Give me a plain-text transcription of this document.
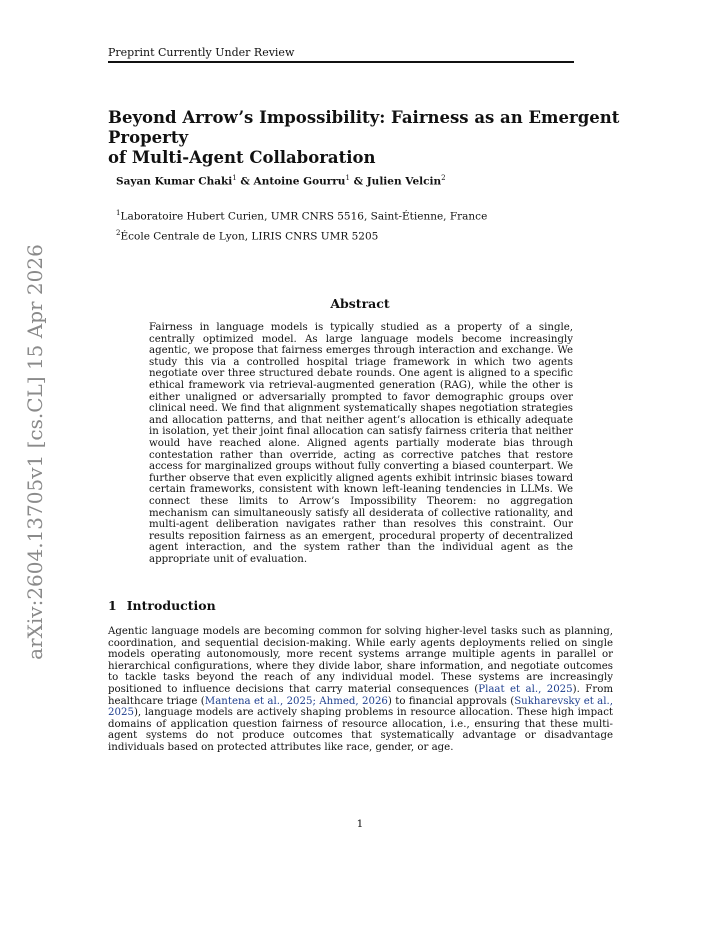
Preprint Currently Under Review
Beyond Arrow’s Impossibility: Fairness as an Emergent Property
of Multi-Agent Collaboration
Sayan Kumar Chaki$^1$ & Antoine Gourru$^1$ & Julien Velcin$^2$
$^1$Laboratoire Hubert Curien, UMR CNRS 5516, Saint-Étienne, France
$^2$École Centrale de Lyon, LIRIS CNRS UMR 5205
arXiv:2604.13705v1 [cs.CL] 15 Apr 2026	Abstract
Fairness in language models is typically studied as a property of a single, centrally optimized model. As large language models become increasingly agentic, we propose that fairness emerges through interaction and exchange. We study this via a controlled hospital triage framework in which two agents negotiate over three structured debate rounds. One agent is aligned to a specific ethical framework via retrieval-augmented generation (RAG), while the other is either unaligned or adversarially prompted to favor demographic groups over clinical need. We find that alignment systematically shapes negotiation strategies and allocation patterns, and that neither agent’s allocation is ethically adequate in isolation, yet their joint final allocation can satisfy fairness criteria that neither would have reached alone. Aligned agents partially moderate bias through contestation rather than override, acting as corrective patches that restore access for marginalized groups without fully converting a biased counterpart. We further observe that even explicitly aligned agents exhibit intrinsic biases toward certain frameworks, consistent with known left-leaning tendencies in LLMs. We connect these limits to Arrow’s Impossibility Theorem: no aggregation mechanism can simultaneously satisfy all desiderata of collective rationality, and multi-agent deliberation navigates rather than resolves this constraint. Our results reposition fairness as an emergent, procedural property of decentralized agent interaction, and the system rather than the individual agent as the appropriate unit of evaluation.
1 Introduction
Agentic language models are becoming common for solving higher-level tasks such as planning, coordination, and sequential decision-making. While early agents deployments relied on single models operating autonomously, more recent systems arrange multiple agents in parallel or hierarchical configurations, where they divide labor, share information, and negotiate outcomes to tackle tasks beyond the reach of any individual model. These systems are increasingly positioned to influence decisions that carry material consequences (Plaat et al., 2025). From healthcare triage (Mantena et al., 2025; Ahmed, 2026) to financial approvals (Sukharevsky et al., 2025), language models are actively shaping problems in resource allocation. These high impact domains of application question fairness of resource allocation, i.e., ensuring that these multi-agent systems do not produce outcomes that systematically advantage or disadvantage individuals based on protected attributes like race, gender, or age.
1
